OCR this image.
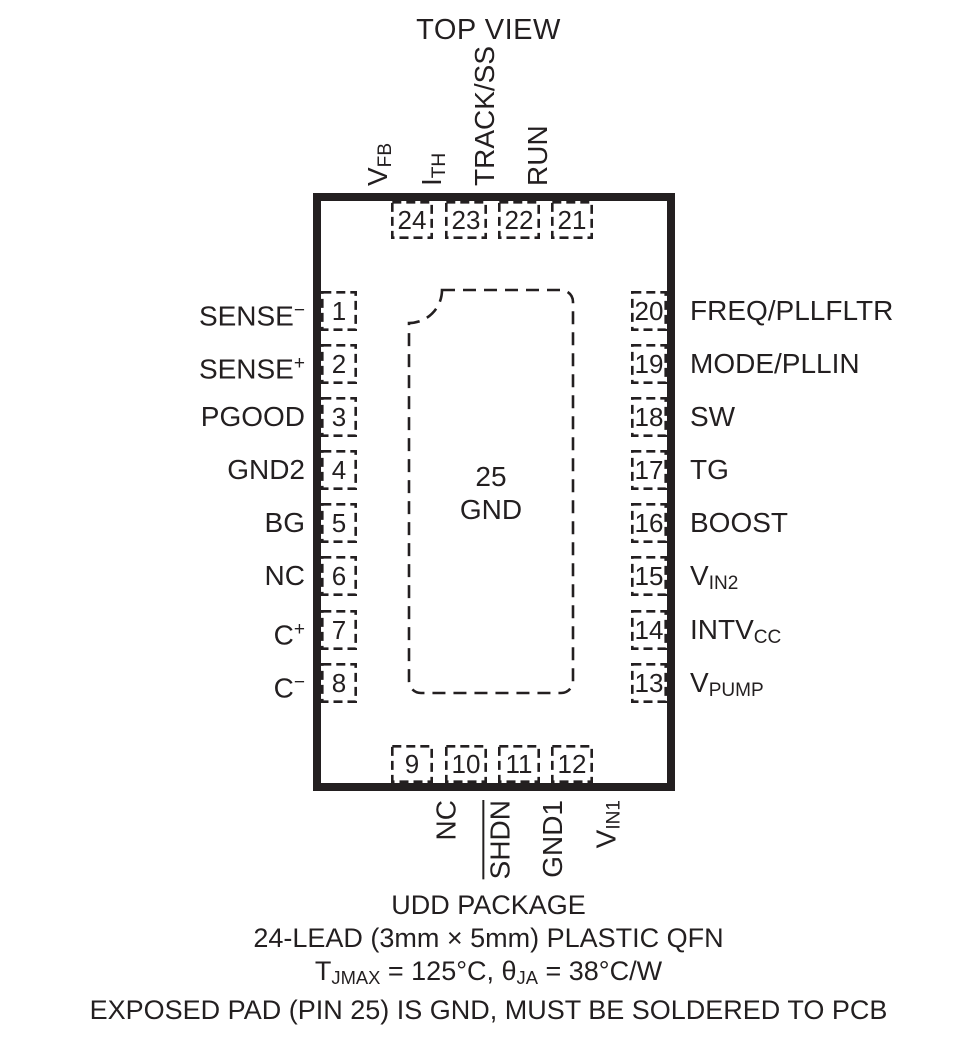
TOP VIEW
25
GND
1
SENSE−
2
SENSE+
3
PGOOD
4
GND2
5
BG
6
NC
7
C+
8
C−
20 FREQ/PLLFLTR
19 MODE/PLLIN
18 SW
17 TG
16 BOOST
15 $V_{IN2}$
14 $INTV_{CC}$
13 $V_{PUMP}$
24
$V_{FB}$
23
$I_{TH}$
22
TRACK/SS
21
RUN
9
NC
10
SHDN
11
GND1
12
$V_{IN1}$
UDD PACKAGE
24-LEAD (3mm × 5mm) PLASTIC QFN
$T_{JMAX} = 125^\circ C$, $\theta_{JA} = 38^\circ C/W$
EXPOSED PAD (PIN 25) IS GND, MUST BE SOLDERED TO PCB
